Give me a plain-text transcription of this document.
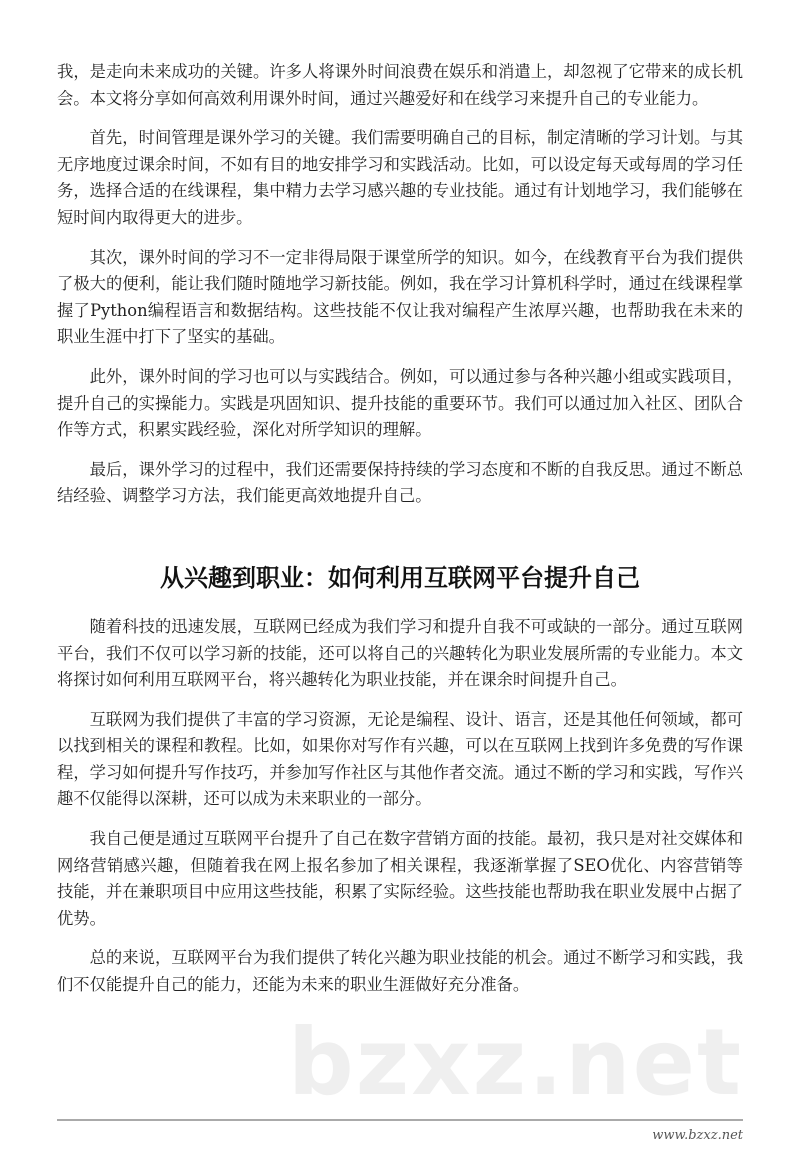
我，是走向未来成功的关键。许多人将课外时间浪费在娱乐和消遣上，却忽视了它带来的成长机会。本文将分享如何高效利用课外时间，通过兴趣爱好和在线学习来提升自己的专业能力。

首先，时间管理是课外学习的关键。我们需要明确自己的目标，制定清晰的学习计划。与其无序地度过课余时间，不如有目的地安排学习和实践活动。比如，可以设定每天或每周的学习任务，选择合适的在线课程，集中精力去学习感兴趣的专业技能。通过有计划地学习，我们能够在短时间内取得更大的进步。

其次，课外时间的学习不一定非得局限于课堂所学的知识。如今，在线教育平台为我们提供了极大的便利，能让我们随时随地学习新技能。例如，我在学习计算机科学时，通过在线课程掌握了Python编程语言和数据结构。这些技能不仅让我对编程产生浓厚兴趣，也帮助我在未来的职业生涯中打下了坚实的基础。

此外，课外时间的学习也可以与实践结合。例如，可以通过参与各种兴趣小组或实践项目，提升自己的实操能力。实践是巩固知识、提升技能的重要环节。我们可以通过加入社区、团队合作等方式，积累实践经验，深化对所学知识的理解。

最后，课外学习的过程中，我们还需要保持持续的学习态度和不断的自我反思。通过不断总结经验、调整学习方法，我们能更高效地提升自己。

从兴趣到职业：如何利用互联网平台提升自己

随着科技的迅速发展，互联网已经成为我们学习和提升自我不可或缺的一部分。通过互联网平台，我们不仅可以学习新的技能，还可以将自己的兴趣转化为职业发展所需的专业能力。本文将探讨如何利用互联网平台，将兴趣转化为职业技能，并在课余时间提升自己。

互联网为我们提供了丰富的学习资源，无论是编程、设计、语言，还是其他任何领域，都可以找到相关的课程和教程。比如，如果你对写作有兴趣，可以在互联网上找到许多免费的写作课程，学习如何提升写作技巧，并参加写作社区与其他作者交流。通过不断的学习和实践，写作兴趣不仅能得以深耕，还可以成为未来职业的一部分。

我自己便是通过互联网平台提升了自己在数字营销方面的技能。最初，我只是对社交媒体和网络营销感兴趣，但随着我在网上报名参加了相关课程，我逐渐掌握了SEO优化、内容营销等技能，并在兼职项目中应用这些技能，积累了实际经验。这些技能也帮助我在职业发展中占据了优势。

总的来说，互联网平台为我们提供了转化兴趣为职业技能的机会。通过不断学习和实践，我们不仅能提升自己的能力，还能为未来的职业生涯做好充分准备。

bzxz.net
www.bzxz.net
